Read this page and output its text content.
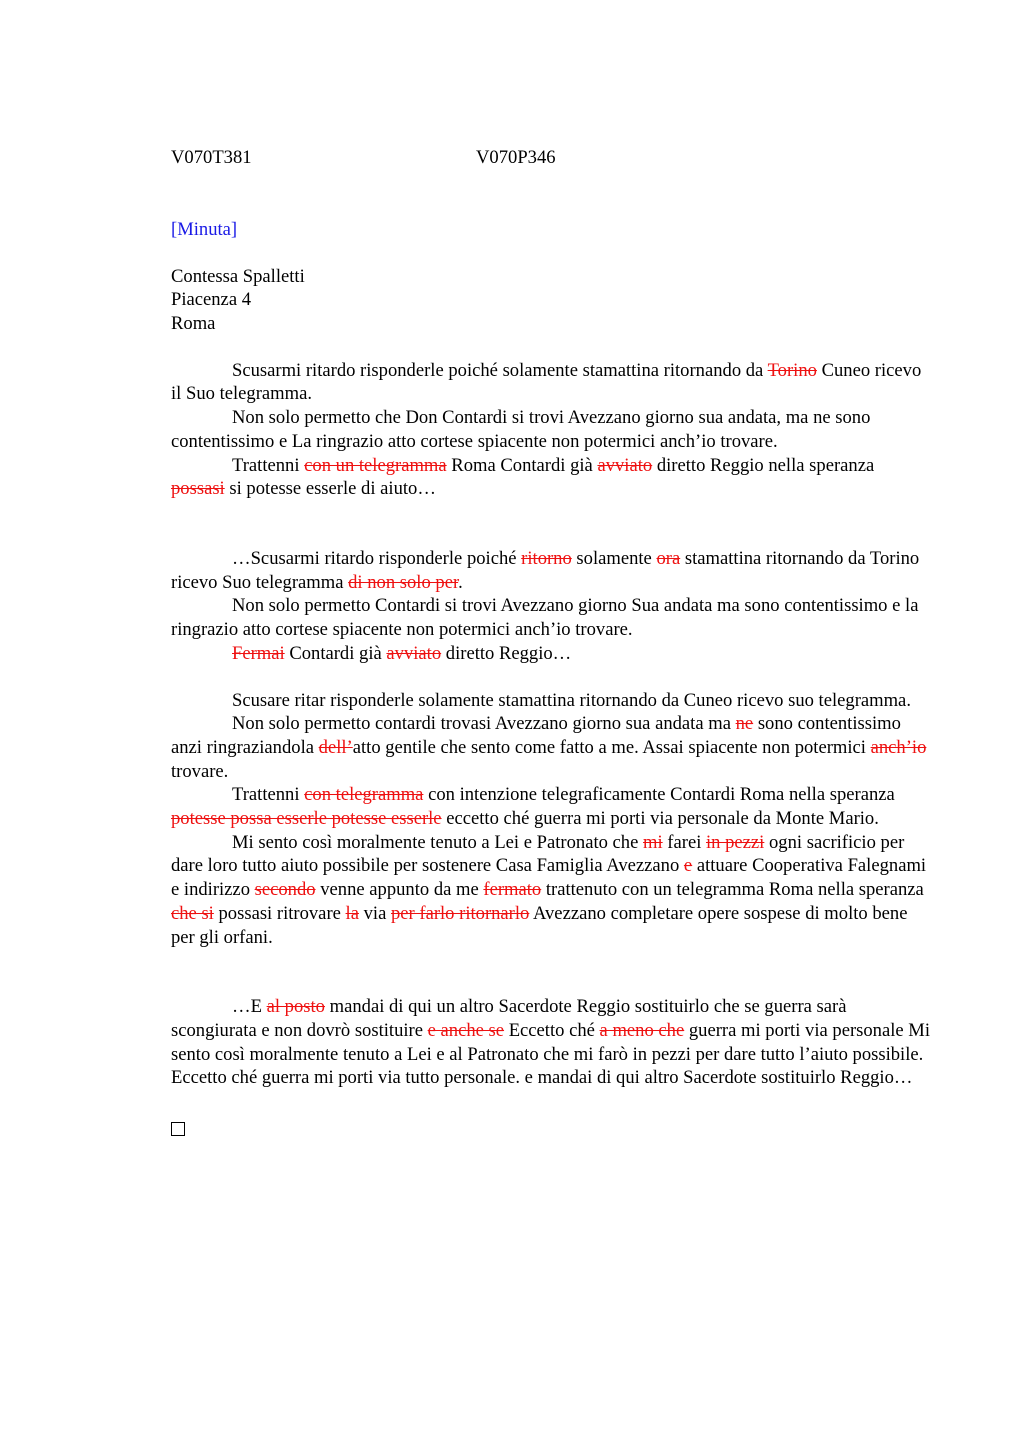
V070T381	V070P346
[Minuta]
Contessa Spalletti
Piacenza 4
Roma

Scusarmi ritardo risponderle poiché solamente stamattina ritornando da Torino Cuneo ricevo il Suo telegramma.

Non solo permetto che Don Contardi si trovi Avezzano giorno sua andata, ma ne sono contentissimo e La ringrazio atto cortese spiacente non potermici anch’io trovare.

Trattenni con un telegramma Roma Contardi già avviato diretto Reggio nella speranza possasi si potesse esserle di aiuto…

…Scusarmi ritardo risponderle poiché ritorno solamente ora stamattina ritornando da Torino ricevo Suo telegramma di non solo per.

Non solo permetto Contardi si trovi Avezzano giorno Sua andata ma sono contentissimo e la ringrazio atto cortese spiacente non potermici anch’io trovare.

Fermai Contardi già avviato diretto Reggio…

Scusare ritar risponderle solamente stamattina ritornando da Cuneo ricevo suo telegramma.

Non solo permetto contardi trovasi Avezzano giorno sua andata ma ne sono contentissimo anzi ringraziandola dell’atto gentile che sento come fatto a me. Assai spiacente non potermici anch’io trovare.

Trattenni con telegramma con intenzione telegraficamente Contardi Roma nella speranza potesse possa esserle potesse esserle eccetto ché guerra mi porti via personale da Monte Mario.

Mi sento così moralmente tenuto a Lei e Patronato che mi farei in pezzi ogni sacrificio per dare loro tutto aiuto possibile per sostenere Casa Famiglia Avezzano e attuare Cooperativa Falegnami e indirizzo secondo venne appunto da me fermato trattenuto con un telegramma Roma nella speranza che si possasi ritrovare la via per farlo ritornarlo Avezzano completare opere sospese di molto bene per gli orfani.

…E al posto mandai di qui un altro Sacerdote Reggio sostituirlo che se guerra sarà scongiurata e non dovrò sostituire e anche se Eccetto ché a meno che guerra mi porti via personale Mi sento così moralmente tenuto a Lei e al Patronato che mi farò in pezzi per dare tutto l’aiuto possibile. Eccetto ché guerra mi porti via tutto personale. e mandai di qui altro Sacerdote sostituirlo Reggio…
